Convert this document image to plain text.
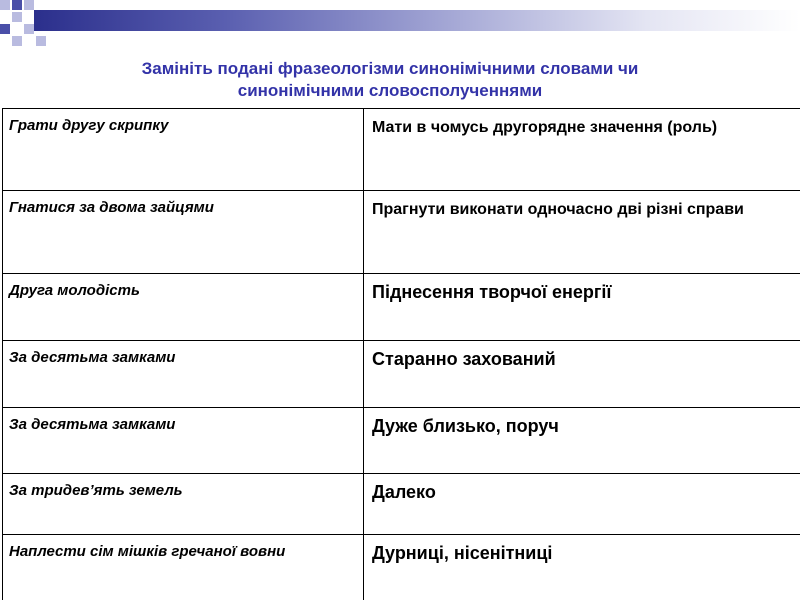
Замініть подані фразеологізми синонімічними словами чи
синонімічними словосполученнями
Грати другу скрипку	Мати в чомусь другорядне значення (роль)
Гнатися за двома зайцями	Прагнути виконати одночасно дві різні справи
Друга молодість	Піднесення творчої енергії
За десятьма замками	Старанно захований
За десятьма замками	Дуже близько, поруч
За тридев’ять земель	Далеко
Наплести сім мішків гречаної вовни	Дурниці, нісенітниці
